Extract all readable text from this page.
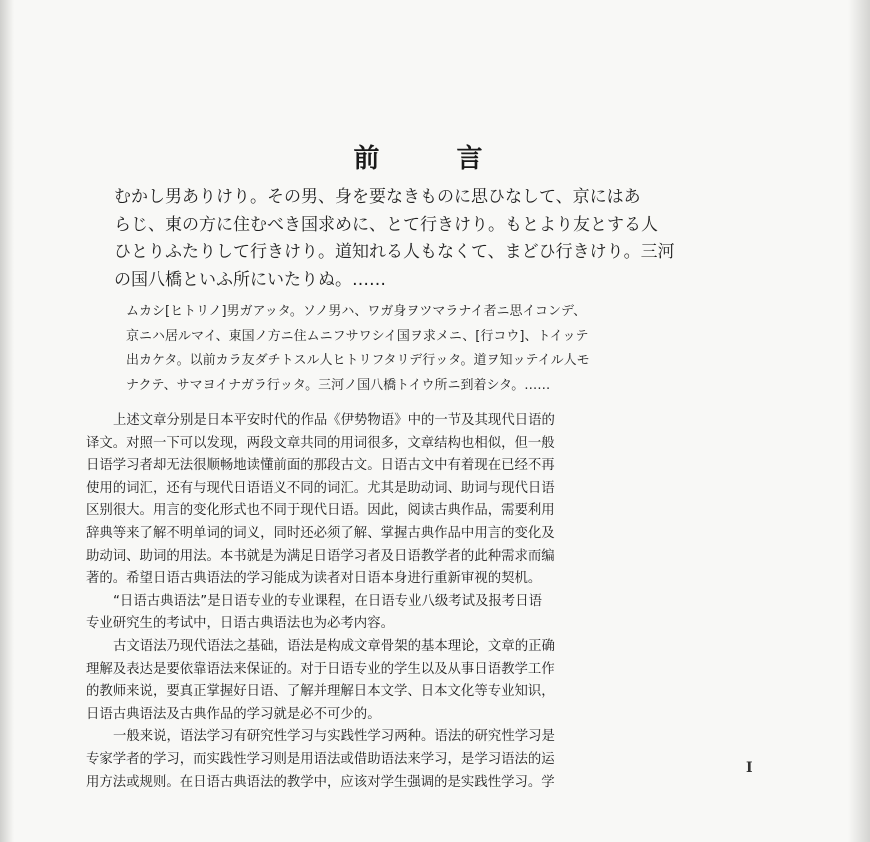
前 言
むかし男ありけり。その男、身を要なきものに思ひなして、京にはあ
らじ、東の方に住むべき国求めに、とて行きけり。もとより友とする人
ひとりふたりして行きけり。道知れる人もなくて、まどひ行きけり。三河
の国八橋といふ所にいたりぬ。……
ムカシ[ヒトリノ]男ガアッタ。ソノ男ハ、ワガ身ヲツマラナイ者ニ思イコンデ、
京ニハ居ルマイ、東国ノ方ニ住ムニフサワシイ国ヲ求メニ、[行コウ]、トイッテ
出カケタ。以前カラ友ダチトスル人ヒトリフタリデ行ッタ。道ヲ知ッテイル人モ
ナクテ、サマヨイナガラ行ッタ。三河ノ国八橋トイウ所ニ到着シタ。……
上述文章分别是日本平安时代的作品《伊势物语》中的一节及其现代日语的
译文。对照一下可以发现，两段文章共同的用词很多，文章结构也相似，但一般
日语学习者却无法很顺畅地读懂前面的那段古文。日语古文中有着现在已经不再
使用的词汇，还有与现代日语语义不同的词汇。尤其是助动词、助词与现代日语
区别很大。用言的变化形式也不同于现代日语。因此，阅读古典作品，需要利用
辞典等来了解不明单词的词义，同时还必须了解、掌握古典作品中用言的变化及
助动词、助词的用法。本书就是为满足日语学习者及日语教学者的此种需求而编
著的。希望日语古典语法的学习能成为读者对日语本身进行重新审视的契机。
“日语古典语法”是日语专业的专业课程，在日语专业八级考试及报考日语
专业研究生的考试中，日语古典语法也为必考内容。
古文语法乃现代语法之基础，语法是构成文章骨架的基本理论，文章的正确
理解及表达是要依靠语法来保证的。对于日语专业的学生以及从事日语教学工作
的教师来说，要真正掌握好日语、了解并理解日本文学、日本文化等专业知识，
日语古典语法及古典作品的学习就是必不可少的。
一般来说，语法学习有研究性学习与实践性学习两种。语法的研究性学习是
专家学者的学习，而实践性学习则是用语法或借助语法来学习，是学习语法的运
用方法或规则。在日语古典语法的教学中，应该对学生强调的是实践性学习。学
I
